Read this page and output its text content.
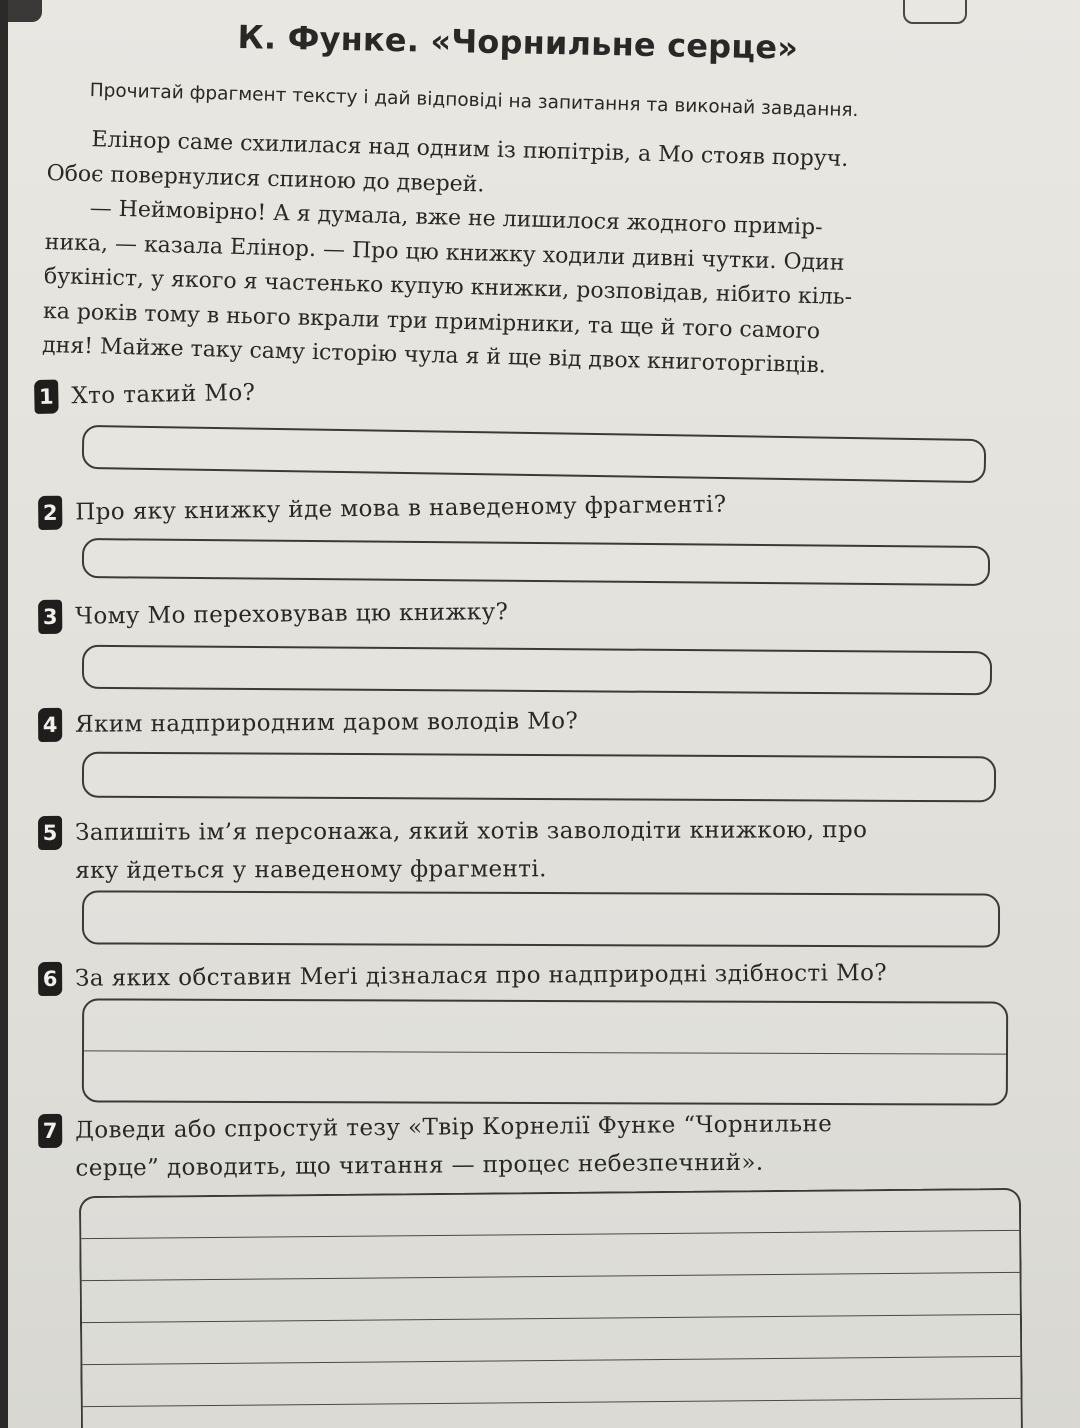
К. Функе. «Чорнильне серце»
Прочитай фрагмент тексту і дай відповіді на запитання та виконай завдання.
Елінор саме схилилася над одним із пюпітрів, а Мо стояв поруч.
Обоє повернулися спиною до дверей.
— Неймовірно! А я думала, вже не лишилося жодного примір-
ника, — казала Елінор. — Про цю книжку ходили дивні чутки. Один
букініст, у якого я частенько купую книжки, розповідав, нібито кіль-
ка років тому в нього вкрали три примірники, та ще й того самого
дня! Майже таку саму історію чула я й ще від двох книготоргівців.
1 Хто такий Мо?
2 Про яку книжку йде мова в наведеному фрагменті?
3 Чому Мо переховував цю книжку?
4 Яким надприродним даром володів Мо?
5 Запишіть ім’я персонажа, який хотів заволодіти книжкою, про
яку йдеться у наведеному фрагменті.
6 За яких обставин Меґі дізналася про надприродні здібності Мо?
7 Доведи або спростуй тезу «Твір Корнелії Функе “Чорнильне
серце” доводить, що читання — процес небезпечний».
